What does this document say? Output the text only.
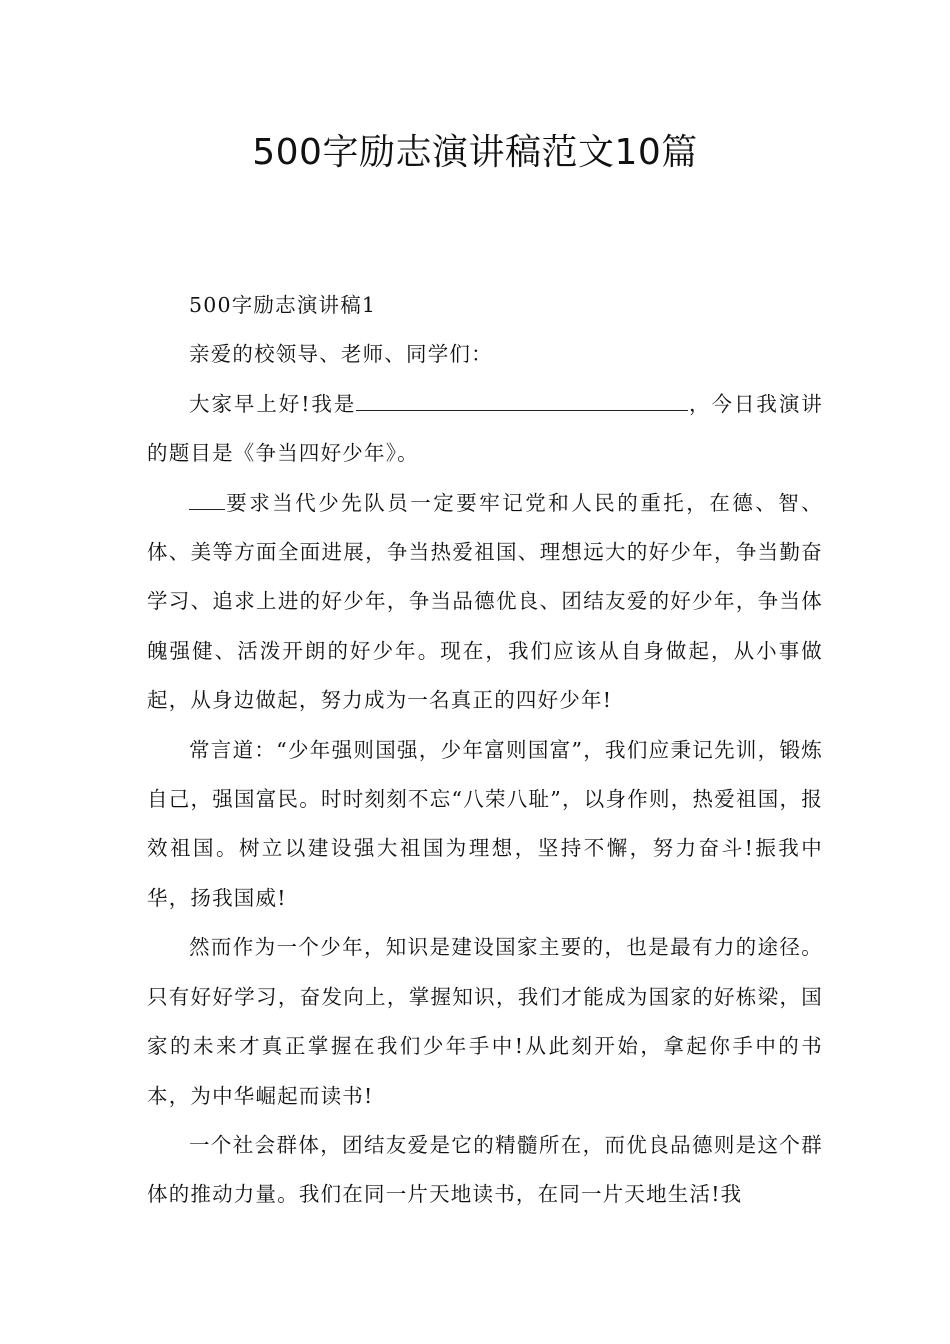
500字励志演讲稿范文10篇

500字励志演讲稿1

亲爱的校领导、老师、同学们：

大家早上好!我是	，今日我演讲的题目是《争当四好少年》。

要求当代少先队员一定要牢记党和人民的重托，在德、智、体、美等方面全面进展，争当热爱祖国、理想远大的好少年，争当勤奋学习、追求上进的好少年，争当品德优良、团结友爱的好少年，争当体魄强健、活泼开朗的好少年。现在，我们应该从自身做起，从小事做起，从身边做起，努力成为一名真正的四好少年!

常言道：“少年强则国强，少年富则国富”，我们应秉记先训，锻炼自己，强国富民。时时刻刻不忘“八荣八耻”，以身作则，热爱祖国，报效祖国。树立以建设强大祖国为理想，坚持不懈，努力奋斗!振我中华，扬我国威!

然而作为一个少年，知识是建设国家主要的，也是最有力的途径。只有好好学习，奋发向上，掌握知识，我们才能成为国家的好栋梁，国家的未来才真正掌握在我们少年手中!从此刻开始，拿起你手中的书本，为中华崛起而读书!

一个社会群体，团结友爱是它的精髓所在，而优良品德则是这个群体的推动力量。我们在同一片天地读书，在同一片天地生活!我
